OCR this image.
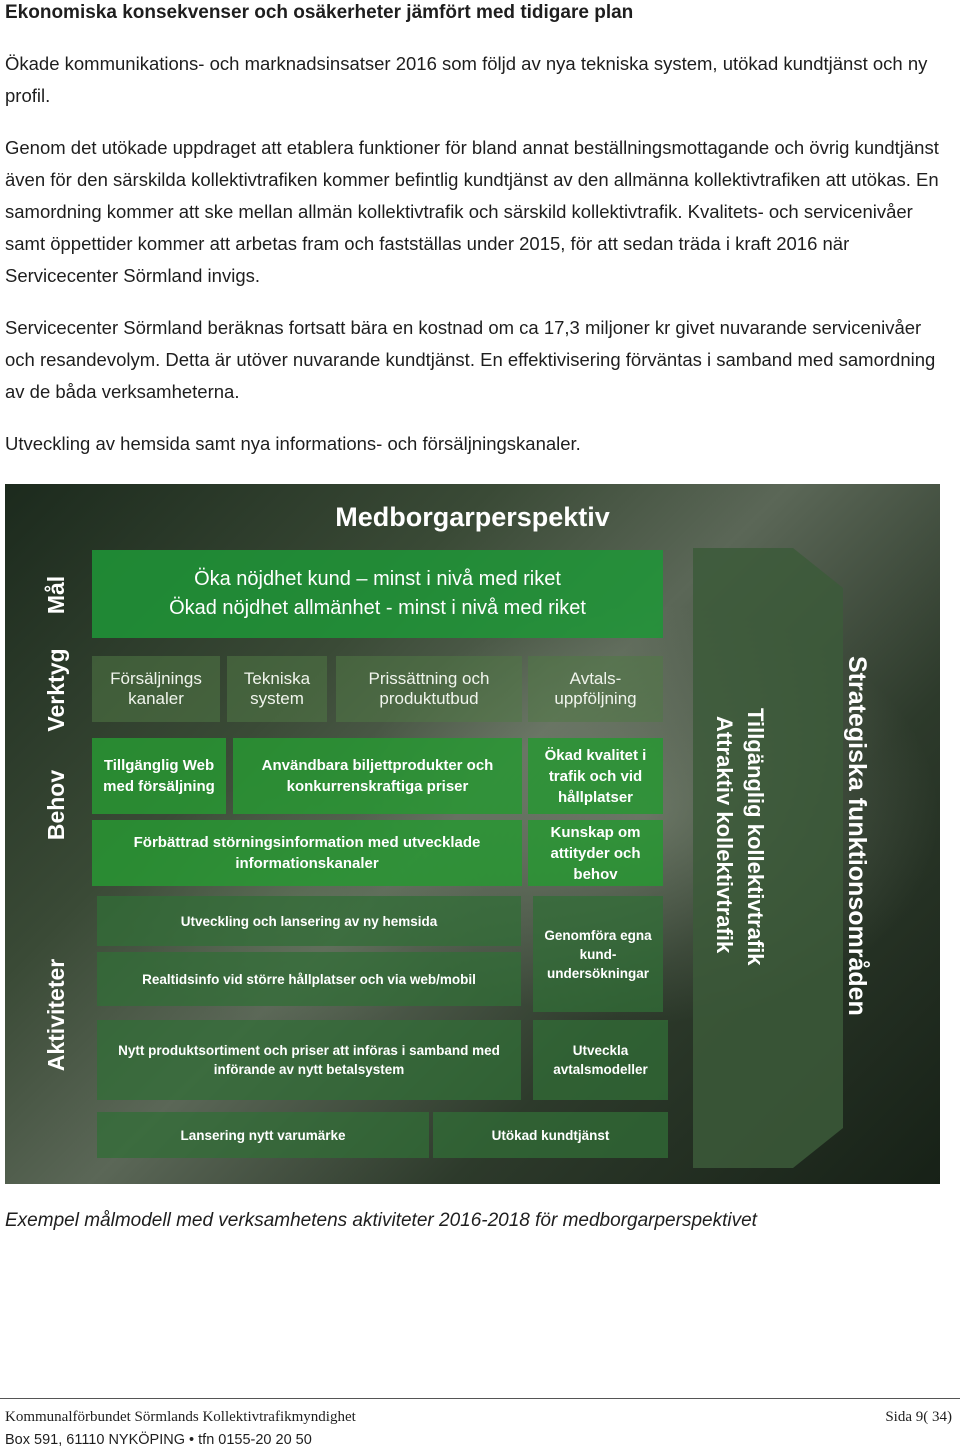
Ekonomiska konsekvenser och osäkerheter jämfört med tidigare plan

Ökade kommunikations- och marknadsinsatser 2016 som följd av nya tekniska system, utökad kundtjänst och ny profil.

Genom det utökade uppdraget att etablera funktioner för bland annat beställningsmottagande och övrig kundtjänst även för den särskilda kollektivtrafiken kommer befintlig kundtjänst av den allmänna kollektivtrafiken att utökas. En samordning kommer att ske mellan allmän kollektivtrafik och särskild kollektivtrafik. Kvalitets- och servicenivåer samt öppettider kommer att arbetas fram och fastställas under 2015, för att sedan träda i kraft 2016 när Servicecenter Sörmland invigs.

Servicecenter Sörmland beräknas fortsatt bära en kostnad om ca 17,3 miljoner kr givet nuvarande servicenivåer och resandevolym. Detta är utöver nuvarande kundtjänst. En effektivisering förväntas i samband med samordning av de båda verksamheterna.

Utveckling av hemsida samt nya informations- och försäljningskanaler.

Medborgarperspektiv
Mål
Verktyg
Behov
Aktiviteter
Öka nöjdhet kund – minst i nivå med riket
Ökad nöjdhet allmänhet - minst i nivå med riket
Försäljnings kanaler
Tekniska system
Prissättning och produktutbud
Avtals-uppföljning
Tillgänglig Web med försäljning
Användbara biljettprodukter och konkurrenskraftiga priser
Ökad kvalitet i trafik och vid hållplatser
Förbättrad störningsinformation med utvecklade informationskanaler
Kunskap om attityder och behov
Utveckling och lansering av ny hemsida
Realtidsinfo vid större hållplatser och via web/mobil
Genomföra egna kund-undersökningar
Nytt produktsortiment och priser att införas i samband med införande av nytt betalsystem
Utveckla avtalsmodeller
Lansering nytt varumärke	Utökad kundtjänst
Tillgänglig kollektivtrafik
Attraktiv kollektivtrafik	Strategiska funktionsområden

Exempel målmodell med verksamhetens aktiviteter 2016-2018 för medborgarperspektivet

Kommunalförbundet Sörmlands Kollektivtrafikmyndighet	Sida 9( 34)
Box 591, 61110 NYKÖPING • tfn 0155-20 20 50
